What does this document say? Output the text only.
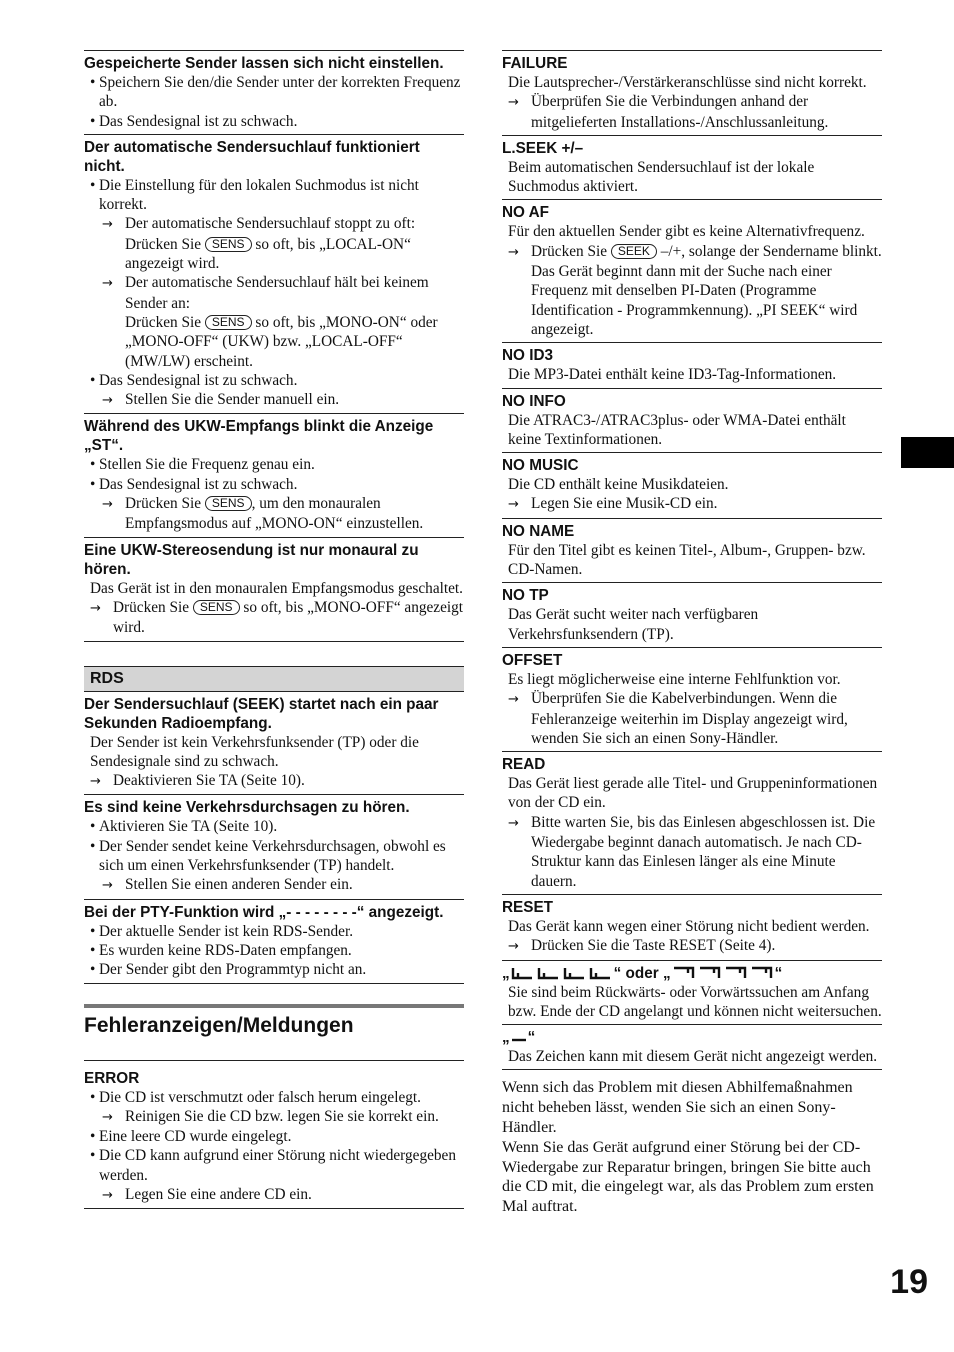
Gespeicherte Sender lassen sich nicht einstellen.

• Speichern Sie den/die Sender unter der korrekten Frequenz ab.

• Das Sendesignal ist zu schwach.

Der automatische Sendersuchlauf funktioniert nicht.

• Die Einstellung für den lokalen Suchmodus ist nicht korrekt.

→ Der automatische Sendersuchlauf stoppt zu oft:

Drücken Sie SENS so oft, bis „LOCAL-ON“ angezeigt wird.

→ Der automatische Sendersuchlauf hält bei keinem Sender an:

Drücken Sie SENS so oft, bis „MONO-ON“ oder „MONO-OFF“ (UKW) bzw. „LOCAL-OFF“ (MW/LW) erscheint.

• Das Sendesignal ist zu schwach.

→ Stellen Sie die Sender manuell ein.

Während des UKW-Empfangs blinkt die Anzeige „ST“.

• Stellen Sie die Frequenz genau ein.

• Das Sendesignal ist zu schwach.

→ Drücken Sie SENS , um den monauralen Empfangsmodus auf „MONO-ON“ einzustellen.

Eine UKW-Stereosendung ist nur monaural zu hören.

Das Gerät ist in den monauralen Empfangsmodus geschaltet.

→ Drücken Sie SENS so oft, bis „MONO-OFF“ angezeigt wird.

RDS

Der Sendersuchlauf (SEEK) startet nach ein paar Sekunden Radioempfang.

Der Sender ist kein Verkehrsfunksender (TP) oder die Sendesignale sind zu schwach.

→ Deaktivieren Sie TA (Seite 10).

Es sind keine Verkehrsdurchsagen zu hören.

• Aktivieren Sie TA (Seite 10).

• Der Sender sendet keine Verkehrsdurchsagen, obwohl es sich um einen Verkehrsfunksender (TP) handelt.

→ Stellen Sie einen anderen Sender ein.

Bei der PTY-Funktion wird „- - - - - - - -“ angezeigt.

• Der aktuelle Sender ist kein RDS-Sender.

• Es wurden keine RDS-Daten empfangen.

• Der Sender gibt den Programmtyp nicht an.

Fehleranzeigen/Meldungen

ERROR

• Die CD ist verschmutzt oder falsch herum eingelegt.

→ Reinigen Sie die CD bzw. legen Sie sie korrekt ein.

• Eine leere CD wurde eingelegt.

• Die CD kann aufgrund einer Störung nicht wiedergegeben werden.

→ Legen Sie eine andere CD ein.

FAILURE

Die Lautsprecher-/Verstärkeranschlüsse sind nicht korrekt.

→ Überprüfen Sie die Verbindungen anhand der mitgelieferten Installations-/Anschlussanleitung.

L.SEEK +/–

Beim automatischen Sendersuchlauf ist der lokale Suchmodus aktiviert.

NO AF

Für den aktuellen Sender gibt es keine Alternativfrequenz.

→ Drücken Sie SEEK –/+, solange der Sendername blinkt. Das Gerät beginnt dann mit der Suche nach einer Frequenz mit denselben PI-Daten (Programme Identification - Programmkennung). „PI SEEK“ wird angezeigt.

NO ID3

Die MP3-Datei enthält keine ID3-Tag-Informationen.

NO INFO

Die ATRAC3-/ATRAC3plus- oder WMA-Datei enthält keine Textinformationen.

NO MUSIC

Die CD enthält keine Musikdateien.

→ Legen Sie eine Musik-CD ein.

NO NAME

Für den Titel gibt es keinen Titel-, Album-, Gruppen- bzw. CD-Namen.

NO TP

Das Gerät sucht weiter nach verfügbaren Verkehrsfunksendern (TP).

OFFSET

Es liegt möglicherweise eine interne Fehlfunktion vor.

→ Überprüfen Sie die Kabelverbindungen. Wenn die Fehleranzeige weiterhin im Display angezeigt wird, wenden Sie sich an einen Sony-Händler.

READ

Das Gerät liest gerade alle Titel- und Gruppeninformationen von der CD ein.

→ Bitte warten Sie, bis das Einlesen abgeschlossen ist. Die Wiedergabe beginnt danach automatisch. Je nach CD-Struktur kann das Einlesen länger als eine Minute dauern.

RESET

Das Gerät kann wegen einer Störung nicht bedient werden.

→ Drücken Sie die Taste RESET (Seite 4).

„	“ oder „	“

Sie sind beim Rückwärts- oder Vorwärtssuchen am Anfang bzw. Ende der CD angelangt und können nicht weitersuchen.

„ “

Das Zeichen kann mit diesem Gerät nicht angezeigt werden.

Wenn sich das Problem mit diesen Abhilfemaßnahmen nicht beheben lässt, wenden Sie sich an einen Sony-Händler.

Wenn Sie das Gerät aufgrund einer Störung bei der CD-Wiedergabe zur Reparatur bringen, bringen Sie bitte auch die CD mit, die eingelegt war, als das Problem zum ersten Mal auftrat.

19
